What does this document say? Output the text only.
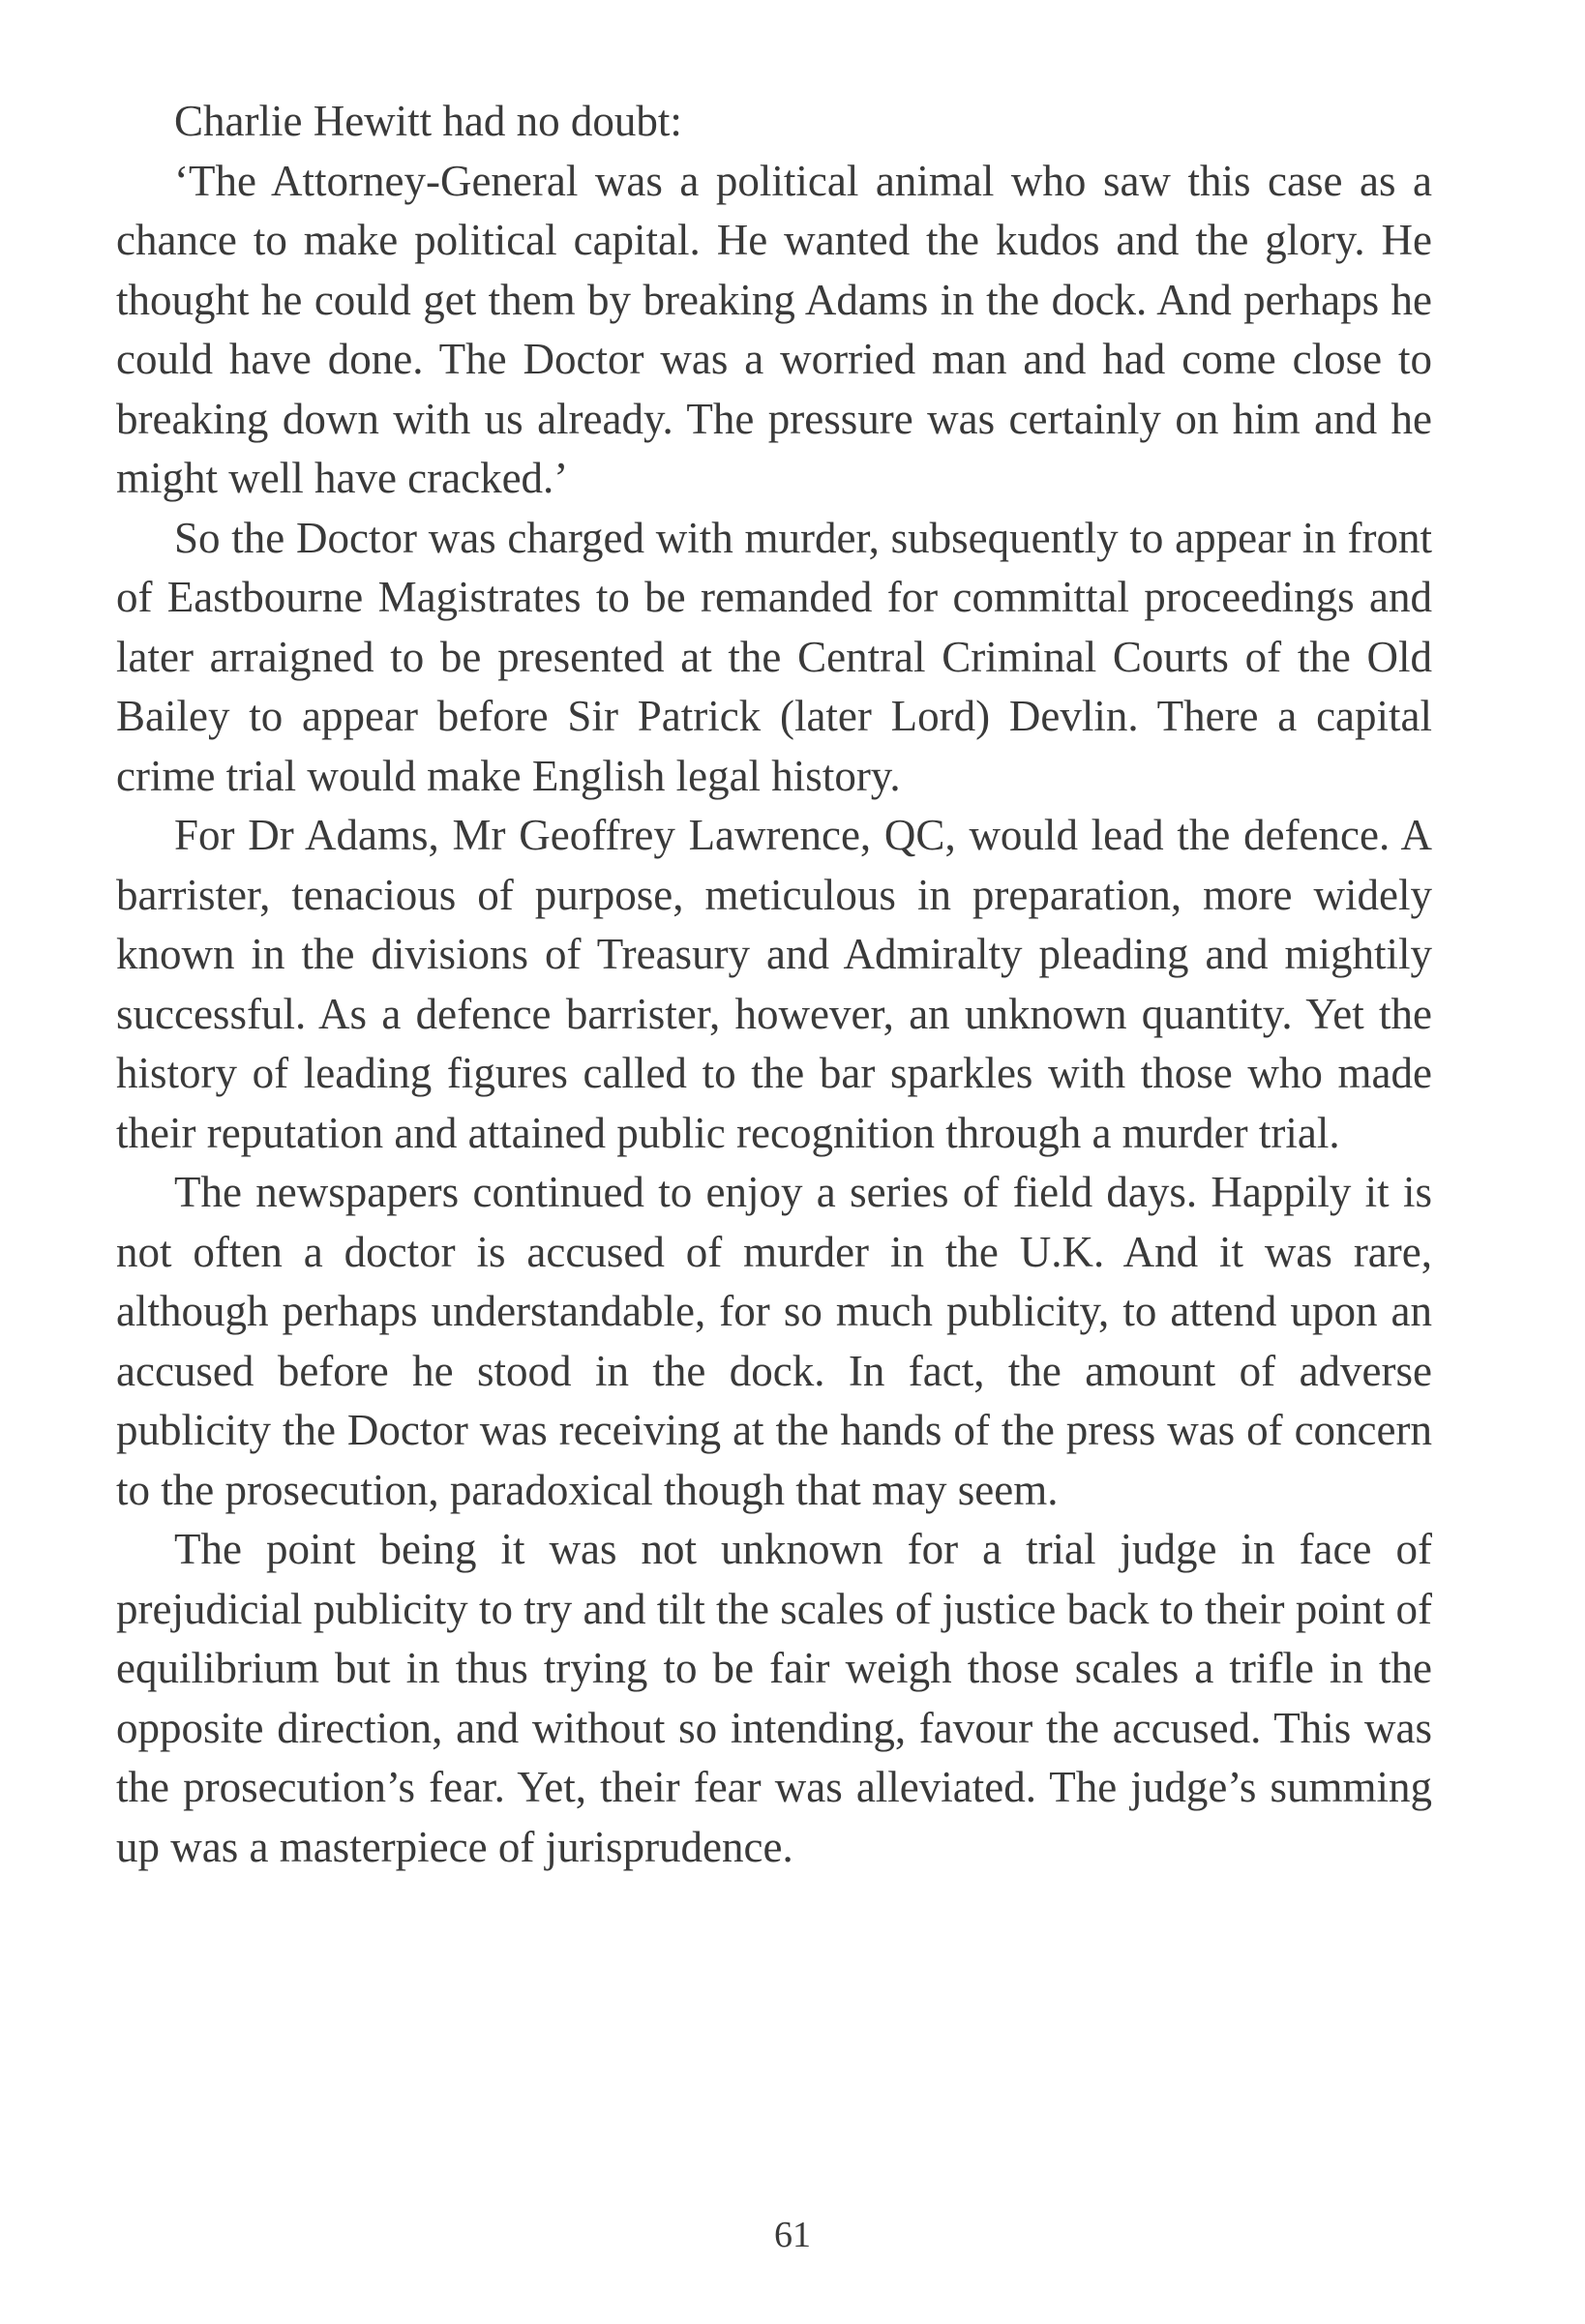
Charlie Hewitt had no doubt:

‘The Attorney-General was a political animal who saw this case as a chance to make political capital. He wanted the kudos and the glory. He thought he could get them by breaking Adams in the dock. And perhaps he could have done. The Doctor was a worried man and had come close to breaking down with us already. The pressure was certainly on him and he might well have cracked.’

So the Doctor was charged with murder, subsequently to appear in front of Eastbourne Magistrates to be remanded for committal proceedings and later arraigned to be presented at the Central Criminal Courts of the Old Bailey to appear before Sir Patrick (later Lord) Devlin. There a capital crime trial would make English legal history.

For Dr Adams, Mr Geoffrey Lawrence, QC, would lead the defence. A barrister, tenacious of purpose, meticulous in preparation, more widely known in the divisions of Treasury and Admiralty pleading and mightily successful. As a defence barrister, however, an unknown quantity. Yet the history of leading figures called to the bar sparkles with those who made their reputation and attained public recognition through a murder trial.

The newspapers continued to enjoy a series of field days. Happily it is not often a doctor is accused of murder in the U.K. And it was rare, although perhaps understandable, for so much publicity, to attend upon an accused before he stood in the dock. In fact, the amount of adverse publicity the Doctor was receiving at the hands of the press was of concern to the prosecution, paradoxical though that may seem.

The point being it was not unknown for a trial judge in face of prejudicial publicity to try and tilt the scales of justice back to their point of equilibrium but in thus trying to be fair weigh those scales a trifle in the opposite direction, and without so intending, favour the accused. This was the prosecution’s fear. Yet, their fear was alleviated. The judge’s summing up was a masterpiece of jurisprudence.

61
